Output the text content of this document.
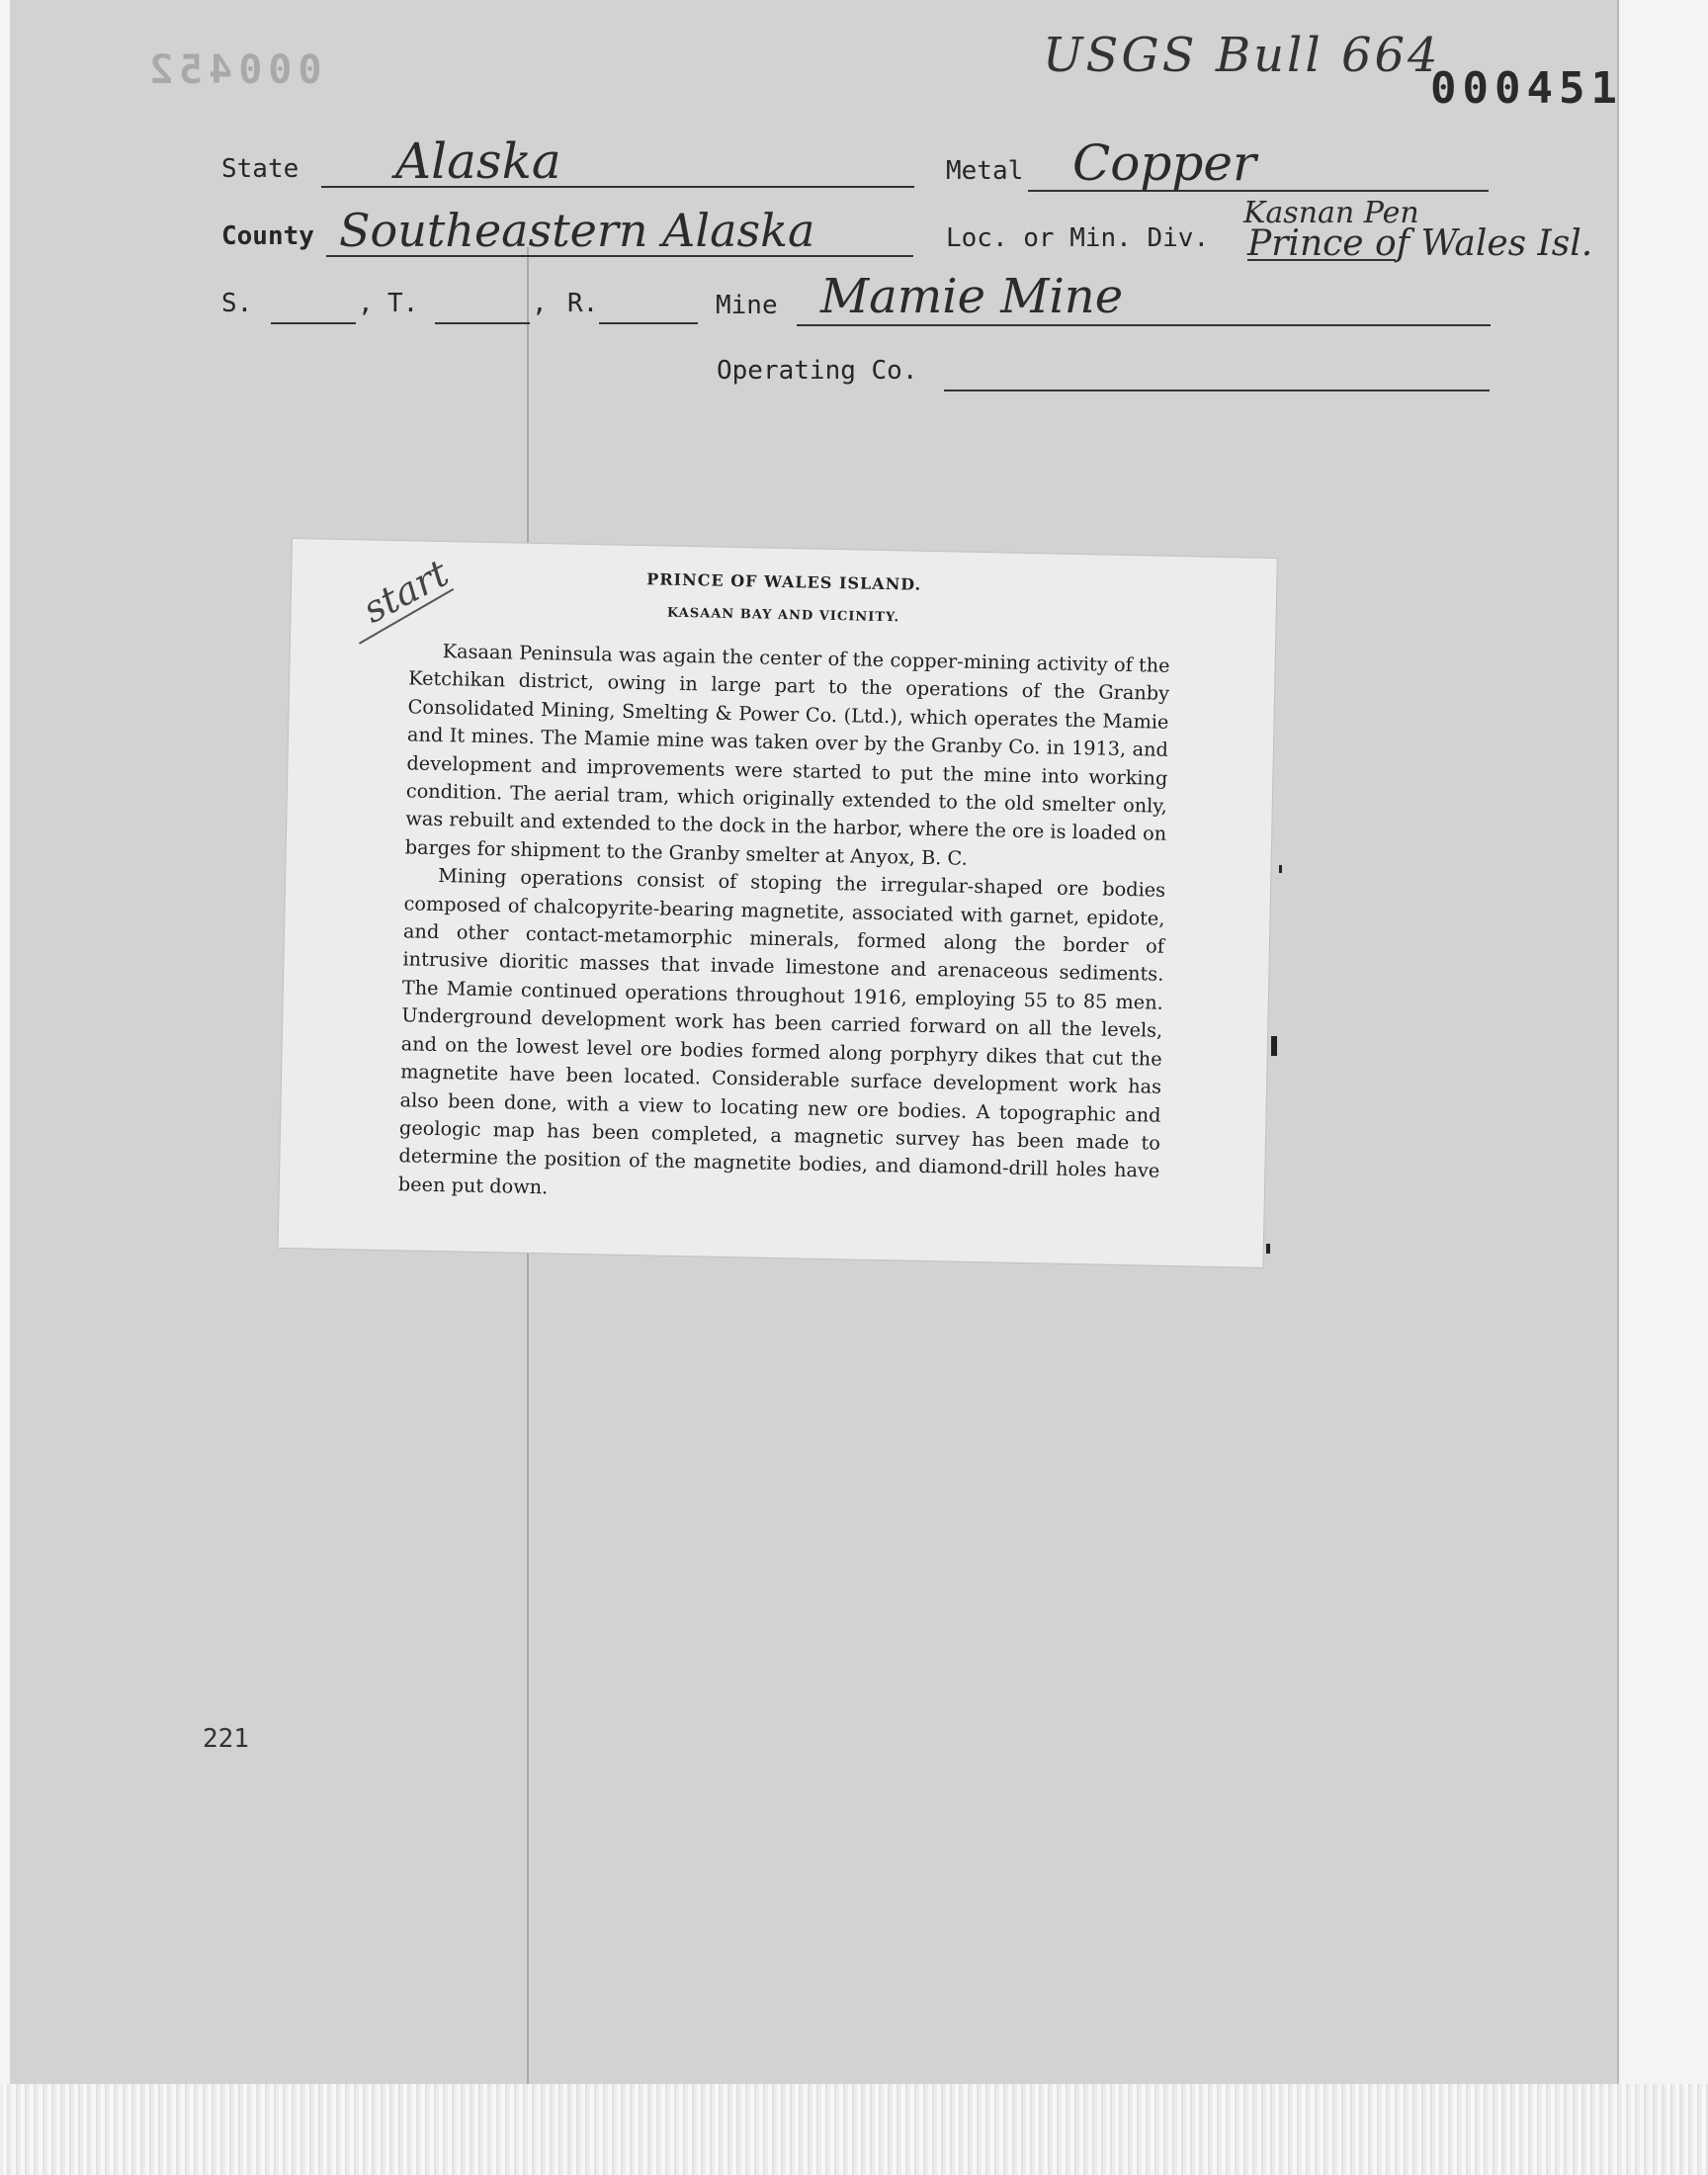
000452	USGS Bull 664
000451
State Alaska	Metal Copper
County Southeastern Alaska	Loc. or Min. Div.
Kasnan Pen
Prince of Wales Isl.
S.	, T.	, R.	Mine Mamie Mine
Operating Co.
PRINCE OF WALES ISLAND.
KASAAN BAY AND VICINITY.

Kasaan Peninsula was again the center of the copper-mining activity of the Ketchikan district, owing in large part to the operations of the Granby Consolidated Mining, Smelting & Power Co. (Ltd.), which operates the Mamie and It mines. The Mamie mine was taken over by the Granby Co. in 1913, and development and improvements were started to put the mine into working condition. The aerial tram, which originally extended to the old smelter only, was rebuilt and extended to the dock in the harbor, where the ore is loaded on barges for shipment to the Granby smelter at Anyox, B. C.

Mining operations consist of stoping the irregular-shaped ore bodies composed of chalcopyrite-bearing magnetite, associated with garnet, epidote, and other contact-metamorphic minerals, formed along the border of intrusive dioritic masses that invade limestone and arenaceous sediments. The Mamie continued operations throughout 1916, employing 55 to 85 men. Underground development work has been carried forward on all the levels, and on the lowest level ore bodies formed along porphyry dikes that cut the magnetite have been located. Considerable surface development work has also been done, with a view to locating new ore bodies. A topographic and geologic map has been completed, a magnetic survey has been made to determine the position of the magnetite bodies, and diamond-drill holes have been put down.

start
221
